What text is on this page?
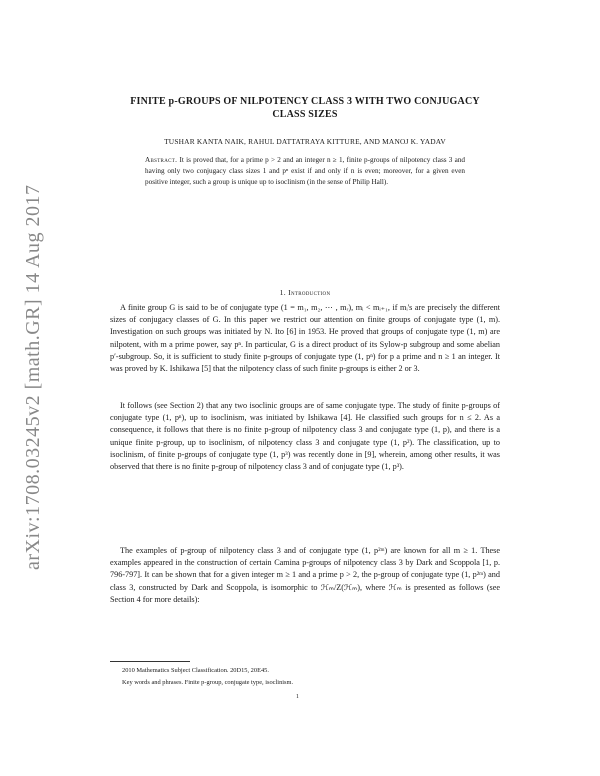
arXiv:1708.03245v2 [math.GR] 14 Aug 2017
FINITE p-GROUPS OF NILPOTENCY CLASS 3 WITH TWO CONJUGACY
CLASS SIZES
TUSHAR KANTA NAIK, RAHUL DATTATRAYA KITTURE, AND MANOJ K. YADAV
Abstract. It is proved that, for a prime p > 2 and an integer n ≥ 1, finite p-groups of nilpotency class 3 and having only two conjugacy class sizes 1 and pⁿ exist if and only if n is even; moreover, for a given even positive integer, such a group is unique up to isoclinism (in the sense of Philip Hall).
1. Introduction

A finite group G is said to be of conjugate type (1 = m₁, m₂, ⋯ , mᵣ), mᵢ < mᵢ₊₁, if mᵢ's are precisely the different sizes of conjugacy classes of G. In this paper we restrict our attention on finite groups of conjugate type (1, m). Investigation on such groups was initiated by N. Ito [6] in 1953. He proved that groups of conjugate type (1, m) are nilpotent, with m a prime power, say pⁿ. In particular, G is a direct product of its Sylow-p subgroup and some abelian p′-subgroup. So, it is sufficient to study finite p-groups of conjugate type (1, pⁿ) for p a prime and n ≥ 1 an integer. It was proved by K. Ishikawa [5] that the nilpotency class of such finite p-groups is either 2 or 3.

It follows (see Section 2) that any two isoclinic groups are of same conjugate type. The study of finite p-groups of conjugate type (1, pⁿ), up to isoclinism, was initiated by Ishikawa [4]. He classified such groups for n ≤ 2. As a consequence, it follows that there is no finite p-group of nilpotency class 3 and conjugate type (1, p), and there is a unique finite p-group, up to isoclinism, of nilpotency class 3 and conjugate type (1, p²). The classification, up to isoclinism, of finite p-groups of conjugate type (1, p³) was recently done in [9], wherein, among other results, it was observed that there is no finite p-group of nilpotency class 3 and of conjugate type (1, p³).

The examples of p-group of nilpotency class 3 and of conjugate type (1, p²ᵐ) are known for all m ≥ 1. These examples appeared in the construction of certain Camina p-groups of nilpotency class 3 by Dark and Scoppola [1, p. 796-797]. It can be shown that for a given integer m ≥ 1 and a prime p > 2, the p-group of conjugate type (1, p²ᵐ) and class 3, constructed by Dark and Scoppola, is isomorphic to ℋₘ/Z(ℋₘ), where ℋₘ is presented as follows (see Section 4 for more details):

2010 Mathematics Subject Classification. 20D15, 20E45.
Key words and phrases. Finite p-group, conjugate type, isoclinism.
1
